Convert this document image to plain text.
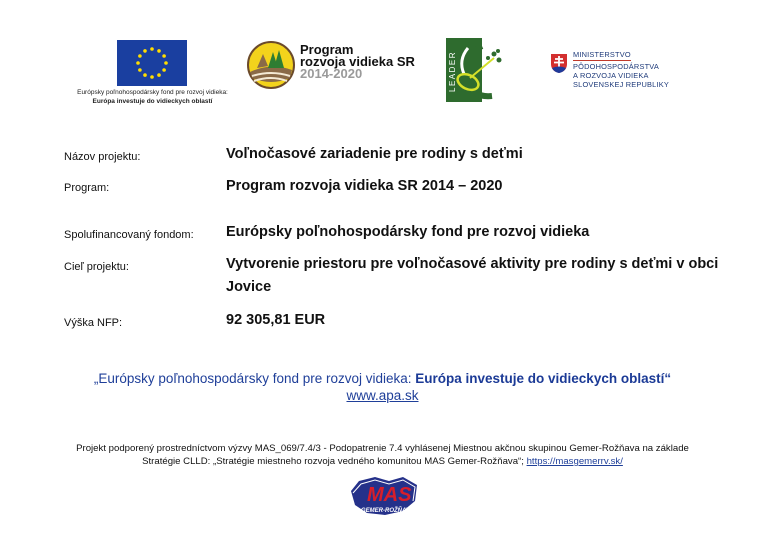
Európsky poľnohospodársky fond pre rozvoj vidieka:
Európa investuje do vidieckych oblastí
Program
rozvoja vidieka SR
2014-2020	LEADER	MINISTERSTVO
PÔDOHOSPODÁRSTVA
A ROZVOJA VIDIEKA
SLOVENSKEJ REPUBLIKY
Názov projektu:	Voľnočasové zariadenie pre rodiny s deťmi
Program:	Program rozvoja vidieka SR 2014 – 2020
Spolufinancovaný fondom: Európsky poľnohospodársky fond pre rozvoj vidieka
Cieľ projektu:	Vytvorenie priestoru pre voľnočasové aktivity pre rodiny s deťmi v obci
Jovice
Výška NFP:	92 305,81 EUR
„Európsky poľnohospodársky fond pre rozvoj vidieka: Európa investuje do vidieckych oblastí“
www.apa.sk
Projekt podporený prostredníctvom výzvy MAS_069/7.4/3 - Podopatrenie 7.4 vyhlásenej Miestnou akčnou skupinou Gemer-Rožňava na základe
Stratégie CLLD: „Stratégie miestneho rozvoja vedného komunitou MAS Gemer-Rožňava“; https://masgemerrv.sk/
MAS
GEMER-ROŽŇAVA
